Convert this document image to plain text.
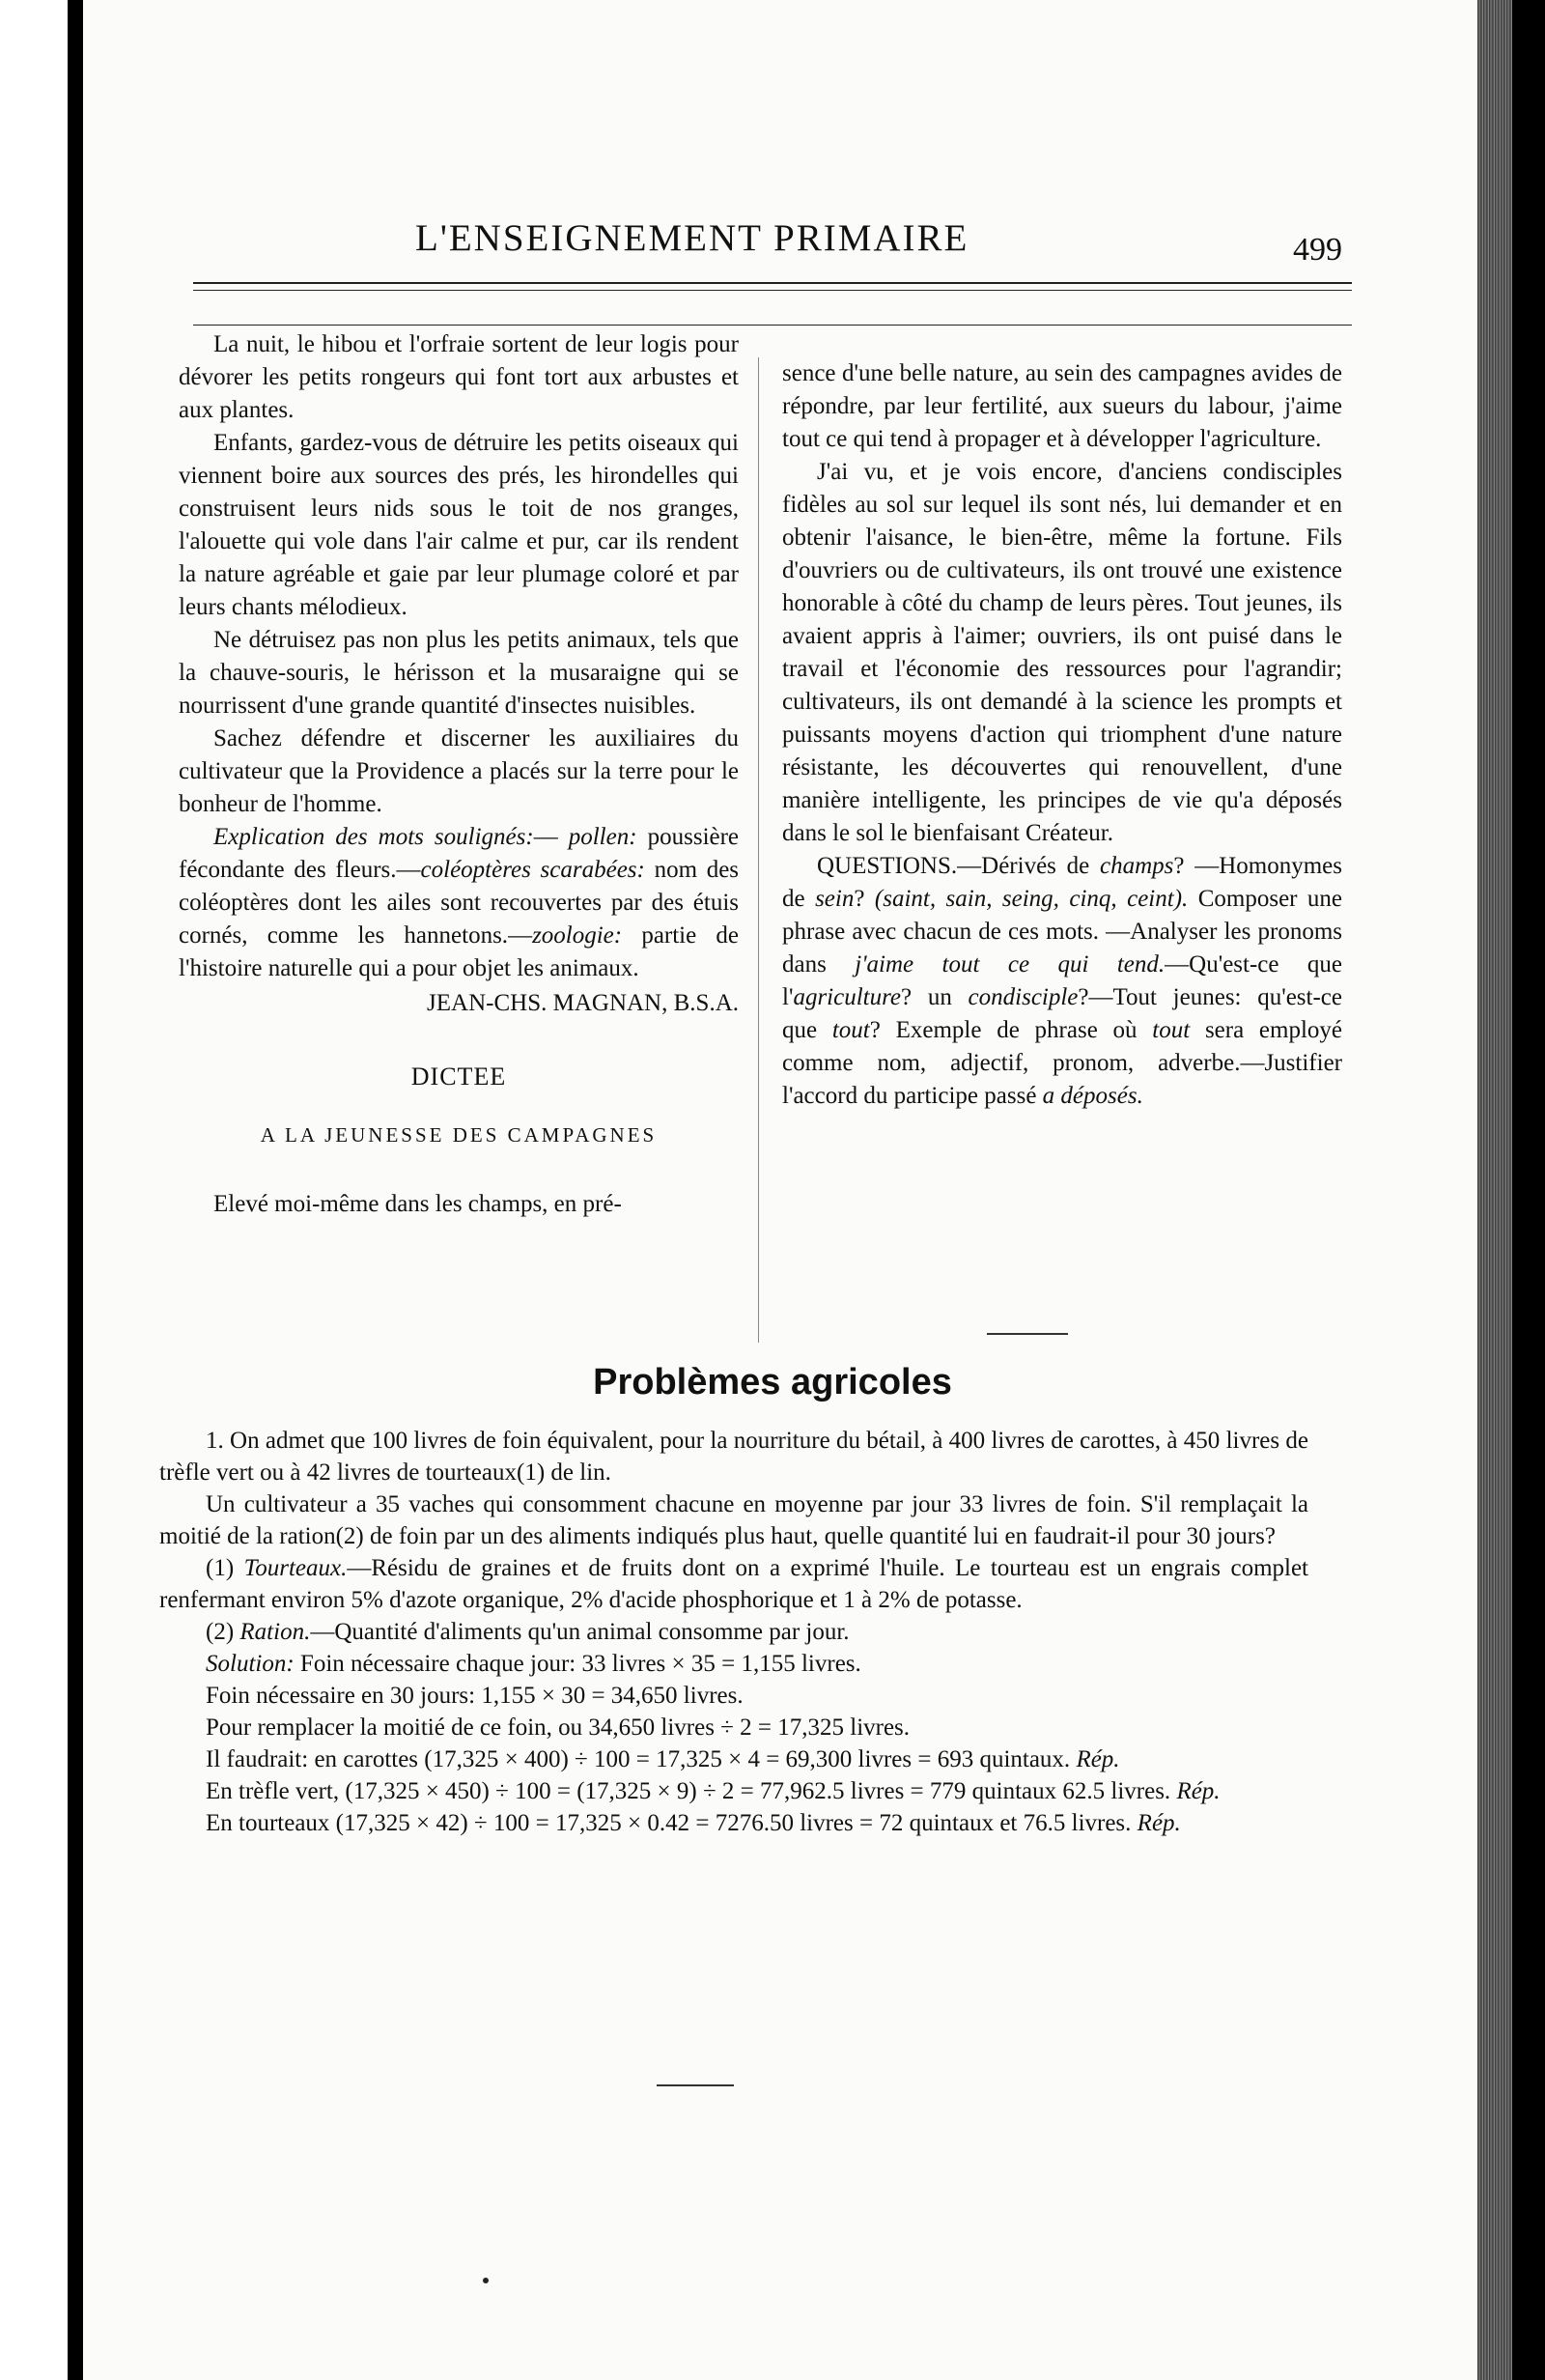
L'ENSEIGNEMENT PRIMAIRE	499

La nuit, le hibou et l'orfraie sortent de leur logis pour dévorer les petits rongeurs qui font tort aux arbustes et aux plantes.

Enfants, gardez-vous de détruire les petits oiseaux qui viennent boire aux sources des prés, les hirondelles qui construisent leurs nids sous le toit de nos granges, l'alouette qui vole dans l'air calme et pur, car ils rendent la nature agréable et gaie par leur plumage coloré et par leurs chants mélodieux.

Ne détruisez pas non plus les petits animaux, tels que la chauve-souris, le hérisson et la musaraigne qui se nourrissent d'une grande quantité d'insectes nuisibles.

Sachez défendre et discerner les auxiliaires du cultivateur que la Providence a placés sur la terre pour le bonheur de l'homme.

Explication des mots soulignés:— pollen: poussière fécondante des fleurs.—coléoptères scarabées: nom des coléoptères dont les ailes sont recouvertes par des étuis cornés, comme les hannetons.—zoologie: partie de l'histoire naturelle qui a pour objet les animaux.

JEAN-CHS. MAGNAN, B.S.A.
DICTEE
A LA JEUNESSE DES CAMPAGNES

Elevé moi-même dans les champs, en pré-

sence d'une belle nature, au sein des campagnes avides de répondre, par leur fertilité, aux sueurs du labour, j'aime tout ce qui tend à propager et à développer l'agriculture.

J'ai vu, et je vois encore, d'anciens condisciples fidèles au sol sur lequel ils sont nés, lui demander et en obtenir l'aisance, le bien-être, même la fortune. Fils d'ouvriers ou de cultivateurs, ils ont trouvé une existence honorable à côté du champ de leurs pères. Tout jeunes, ils avaient appris à l'aimer; ouvriers, ils ont puisé dans le travail et l'économie des ressources pour l'agrandir; cultivateurs, ils ont demandé à la science les prompts et puissants moyens d'action qui triomphent d'une nature résistante, les découvertes qui renouvellent, d'une manière intelligente, les principes de vie qu'a déposés dans le sol le bienfaisant Créateur.

QUESTIONS.—Dérivés de champs? —Homonymes de sein? (saint, sain, seing, cinq, ceint). Composer une phrase avec chacun de ces mots. —Analyser les pronoms dans j'aime tout ce qui tend.—Qu'est-ce que l'agriculture? un condisciple?—Tout jeunes: qu'est-ce que tout? Exemple de phrase où tout sera employé comme nom, adjectif, pronom, adverbe.—Justifier l'accord du participe passé a déposés.

Problèmes agricoles

1. On admet que 100 livres de foin équivalent, pour la nourriture du bétail, à 400 livres de carottes, à 450 livres de trèfle vert ou à 42 livres de tourteaux(1) de lin.

Un cultivateur a 35 vaches qui consomment chacune en moyenne par jour 33 livres de foin. S'il remplaçait la moitié de la ration(2) de foin par un des aliments indiqués plus haut, quelle quantité lui en faudrait-il pour 30 jours?

(1) Tourteaux.—Résidu de graines et de fruits dont on a exprimé l'huile. Le tourteau est un engrais complet renfermant environ 5% d'azote organique, 2% d'acide phosphorique et 1 à 2% de potasse.

(2) Ration.—Quantité d'aliments qu'un animal consomme par jour.

Solution: Foin nécessaire chaque jour: 33 livres × 35 = 1,155 livres.

Foin nécessaire en 30 jours: 1,155 × 30 = 34,650 livres.

Pour remplacer la moitié de ce foin, ou 34,650 livres ÷ 2 = 17,325 livres.

Il faudrait: en carottes (17,325 × 400) ÷ 100 = 17,325 × 4 = 69,300 livres = 693 quintaux. Rép.

En trèfle vert, (17,325 × 450) ÷ 100 = (17,325 × 9) ÷ 2 = 77,962.5 livres = 779 quintaux 62.5 livres. Rép.

En tourteaux (17,325 × 42) ÷ 100 = 17,325 × 0.42 = 7276.50 livres = 72 quintaux et 76.5 livres. Rép.
